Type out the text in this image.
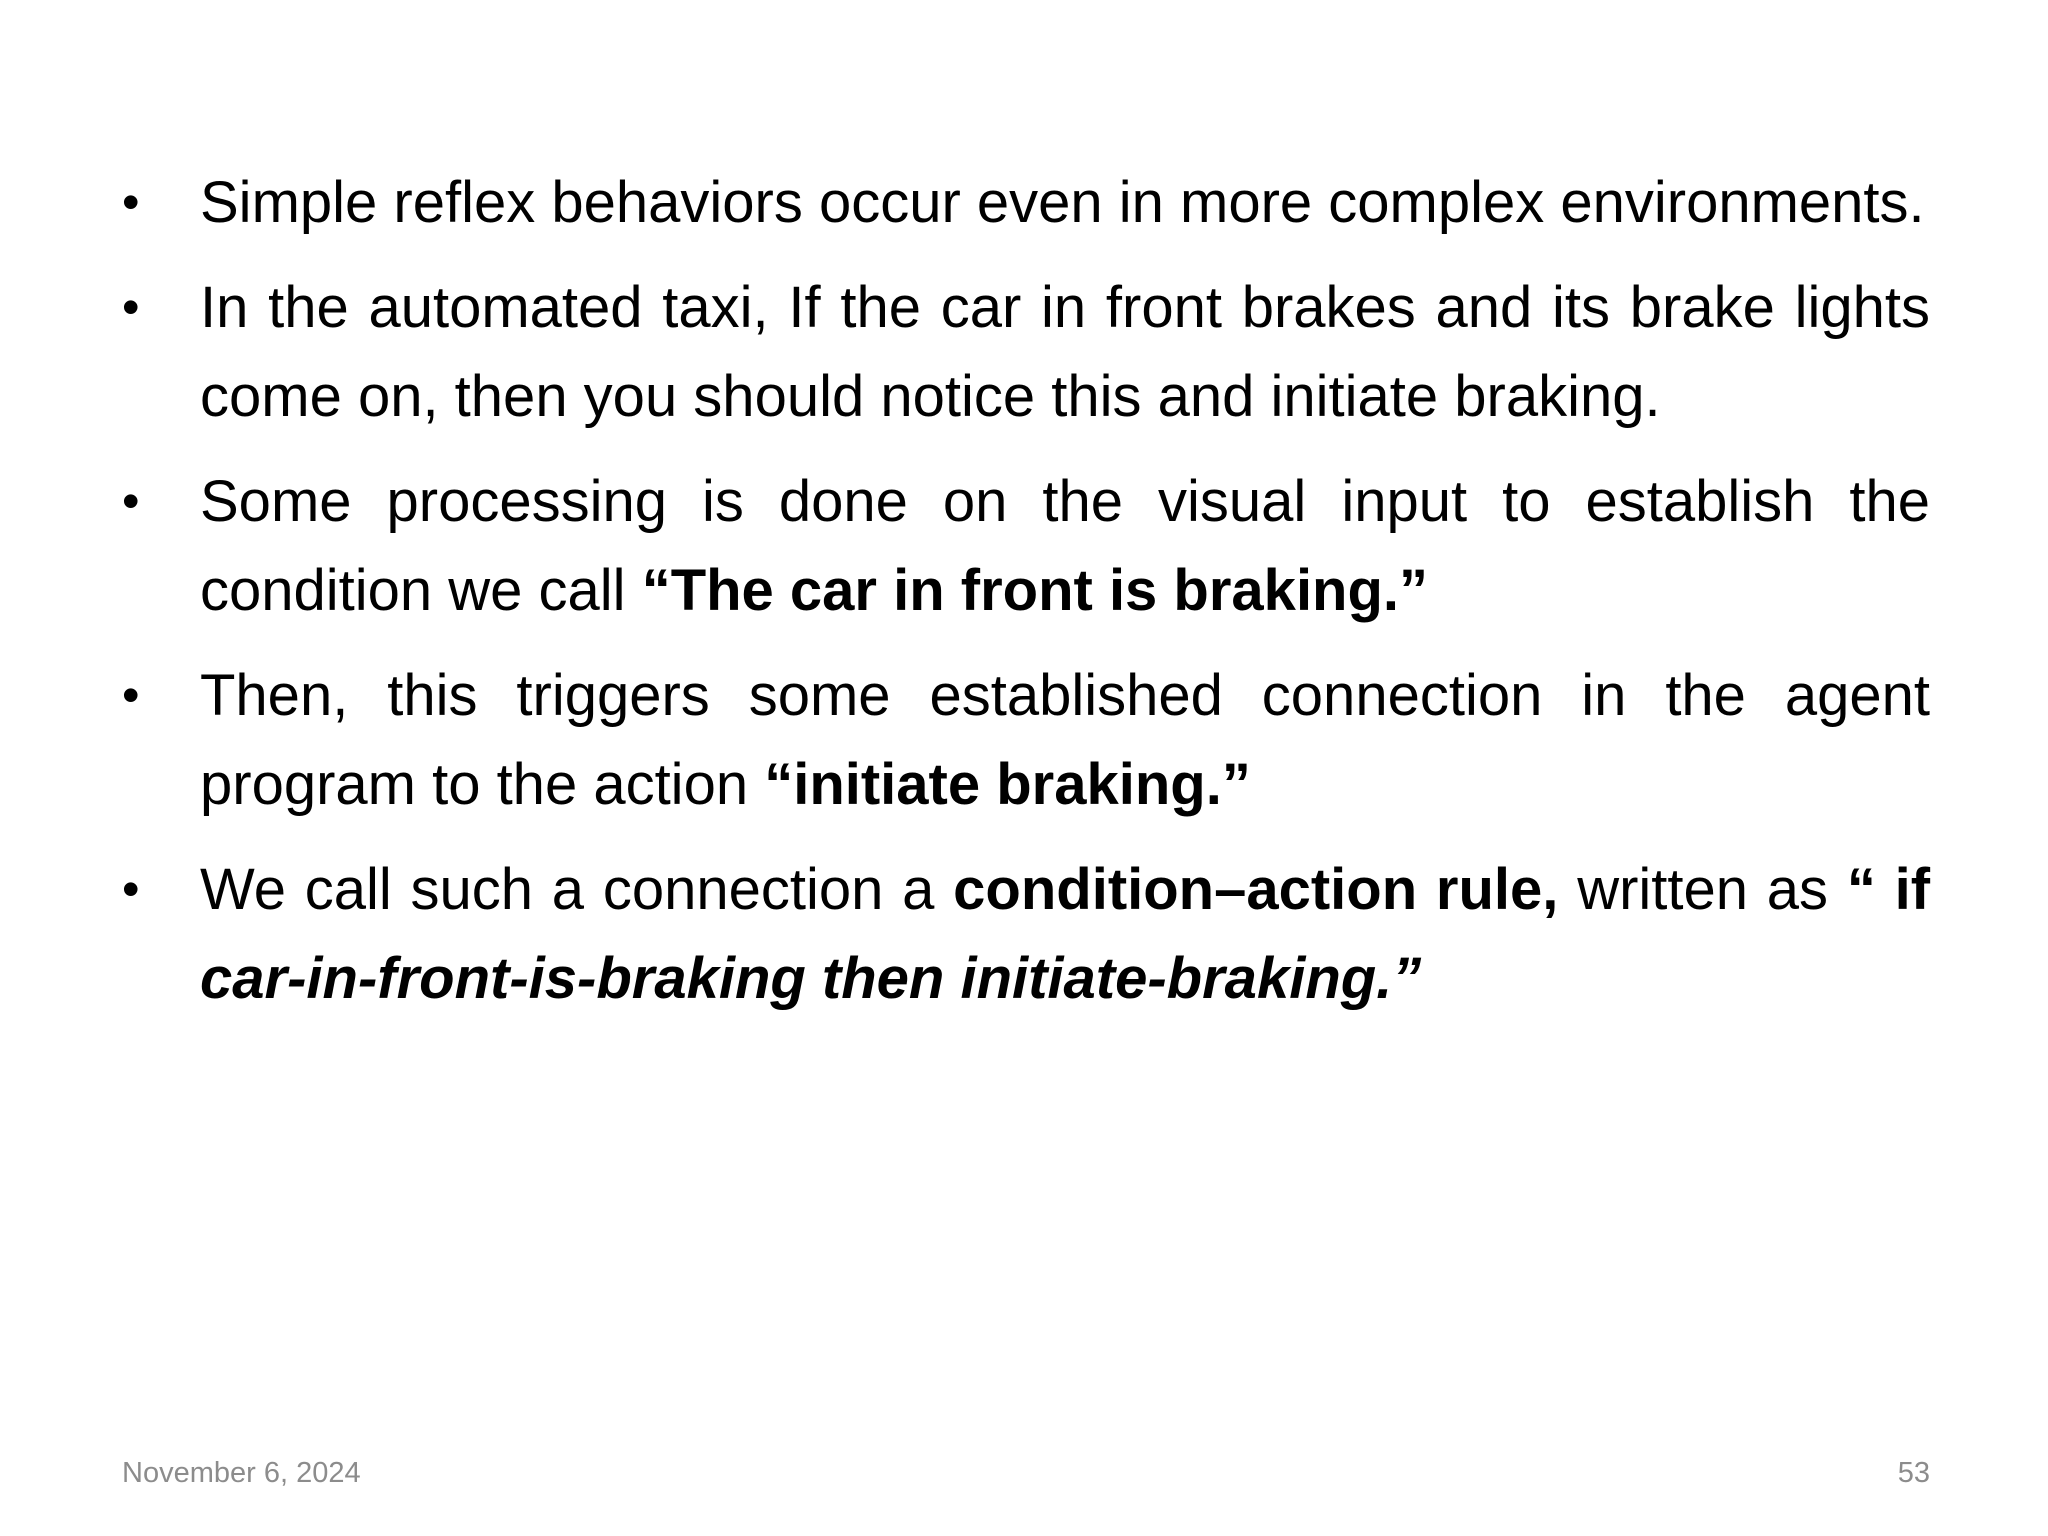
•	Simple reflex behaviors occur even in more complex environments.
•	In the automated taxi, If the car in front brakes and its brake lights come on, then you should notice this and initiate braking.
•	Some processing is done on the visual input to establish the condition we call “The car in front is braking.”
•	Then, this triggers some established connection in the agent program to the action “initiate braking.”
•	We call such a connection a condition–action rule, written as “ if car-in-front-is-braking then initiate-braking.”
November 6, 2024	53
